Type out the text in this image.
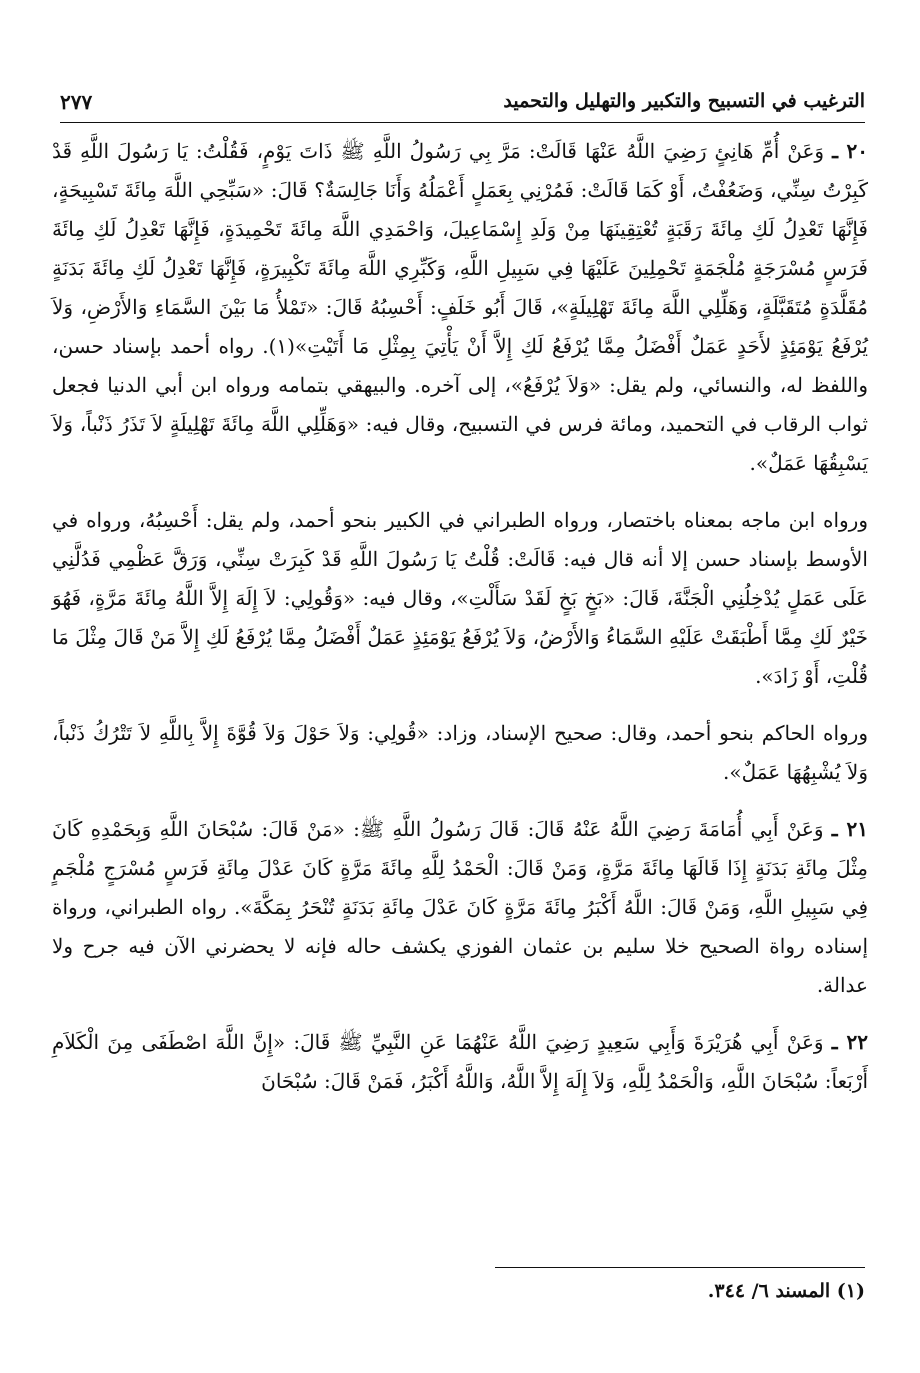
الترغيب في التسبيح والتكبير والتهليل والتحميد
٢٧٧

٢٠ ـ وَعَنْ أُمِّ هَانِئٍ رَضِيَ اللَّهُ عَنْهَا قَالَتْ: مَرَّ بِي رَسُولُ اللَّهِ ﷺ ذَاتَ يَوْمٍ، فَقُلْتُ: يَا رَسُولَ اللَّهِ قَدْ كَبِرْتُ سِنِّي، وَضَعُفْتُ، أَوْ كَمَا قَالَتْ: فَمُرْنِي بِعَمَلٍ أَعْمَلُهُ وَأَنَا جَالِسَةٌ؟ قَالَ: «سَبِّحِي اللَّهَ مِائَةَ تَسْبِيحَةٍ، فَإِنَّهَا تَعْدِلُ لَكِ مِائَةَ رَقَبَةٍ تُعْتِقِينَهَا مِنْ وَلَدِ إِسْمَاعِيلَ، وَاحْمَدِي اللَّهَ مِائَةَ تَحْمِيدَةٍ، فَإِنَّهَا تَعْدِلُ لَكِ مِائَةَ فَرَسٍ مُسْرَجَةٍ مُلْجَمَةٍ تَحْمِلِينَ عَلَيْهَا فِي سَبِيلِ اللَّهِ، وَكَبِّرِي اللَّهَ مِائَةَ تَكْبِيرَةٍ، فَإِنَّهَا تَعْدِلُ لَكِ مِائَةَ بَدَنَةٍ مُقَلَّدَةٍ مُتَقَبَّلَةٍ، وَهَلِّلِي اللَّهَ مِائَةَ تَهْلِيلَةٍ»، قَالَ أَبُو خَلَفٍ: أَحْسِبُهُ قَالَ: «تَمْلأُ مَا بَيْنَ السَّمَاءِ وَالأَرْضِ، وَلاَ يُرْفَعُ يَوْمَئِذٍ لأَحَدٍ عَمَلٌ أَفْضَلُ مِمَّا يُرْفَعُ لَكِ إِلاَّ أَنْ يَأْتِيَ بِمِثْلِ مَا أَتَيْتِ»(١). رواه أحمد بإسناد حسن، واللفظ له، والنسائي، ولم يقل: «وَلاَ يُرْفَعُ»، إلى آخره. والبيهقي بتمامه ورواه ابن أبي الدنيا فجعل ثواب الرقاب في التحميد، ومائة فرس في التسبيح، وقال فيه: «وَهَلِّلِي اللَّهَ مِائَةَ تَهْلِيلَةٍ لاَ تَذَرُ ذَنْباً، وَلاَ يَسْبِقُهَا عَمَلٌ».

ورواه ابن ماجه بمعناه باختصار، ورواه الطبراني في الكبير بنحو أحمد، ولم يقل: أَحْسِبُهُ، ورواه في الأوسط بإسناد حسن إلا أنه قال فيه: قَالَتْ: قُلْتُ يَا رَسُولَ اللَّهِ قَدْ كَبِرَتْ سِنِّي، وَرَقَّ عَظْمِي فَدُلَّنِي عَلَى عَمَلٍ يُدْخِلُنِي الْجَنَّةَ، قَالَ: «بَخٍ بَخٍ لَقَدْ سَأَلْتِ»، وقال فيه: «وَقُولِي: لاَ إِلَهَ إِلاَّ اللَّهُ مِائَةَ مَرَّةٍ، فَهُوَ خَيْرٌ لَكِ مِمَّا أَطْبَقَتْ عَلَيْهِ السَّمَاءُ وَالأَرْضُ، وَلاَ يُرْفَعُ يَوْمَئِذٍ عَمَلٌ أَفْضَلُ مِمَّا يُرْفَعُ لَكِ إِلاَّ مَنْ قَالَ مِثْلَ مَا قُلْتِ، أَوْ زَادَ».

ورواه الحاكم بنحو أحمد، وقال: صحيح الإسناد، وزاد: «قُولِي: وَلاَ حَوْلَ وَلاَ قُوَّةَ إِلاَّ بِاللَّهِ لاَ تَتْرُكُ ذَنْباً، وَلاَ يُشْبِهُهَا عَمَلٌ».

٢١ ـ وَعَنْ أَبِي أُمَامَةَ رَضِيَ اللَّهُ عَنْهُ قَالَ: قَالَ رَسُولُ اللَّهِ ﷺ: «مَنْ قَالَ: سُبْحَانَ اللَّهِ وَبِحَمْدِهِ كَانَ مِثْلَ مِائَةِ بَدَنَةٍ إِذَا قَالَهَا مِائَةَ مَرَّةٍ، وَمَنْ قَالَ: الْحَمْدُ لِلَّهِ مِائَةَ مَرَّةٍ كَانَ عَدْلَ مِائَةِ فَرَسٍ مُسْرَجٍ مُلْجَمٍ فِي سَبِيلِ اللَّهِ، وَمَنْ قَالَ: اللَّهُ أَكْبَرُ مِائَةَ مَرَّةٍ كَانَ عَدْلَ مِائَةِ بَدَنَةٍ تُنْحَرُ بِمَكَّةَ». رواه الطبراني، ورواة إسناده رواة الصحيح خلا سليم بن عثمان الفوزي يكشف حاله فإنه لا يحضرني الآن فيه جرح ولا عدالة.

٢٢ ـ وَعَنْ أَبِي هُرَيْرَةَ وَأَبِي سَعِيدٍ رَضِيَ اللَّهُ عَنْهُمَا عَنِ النَّبِيِّ ﷺ قَالَ: «إِنَّ اللَّهَ اصْطَفَى مِنَ الْكَلاَمِ أَرْبَعاً: سُبْحَانَ اللَّهِ، وَالْحَمْدُ لِلَّهِ، وَلاَ إِلَهَ إِلاَّ اللَّهُ، وَاللَّهُ أَكْبَرُ، فَمَنْ قَالَ: سُبْحَانَ

(١) المسند ٦/ ٣٤٤.
